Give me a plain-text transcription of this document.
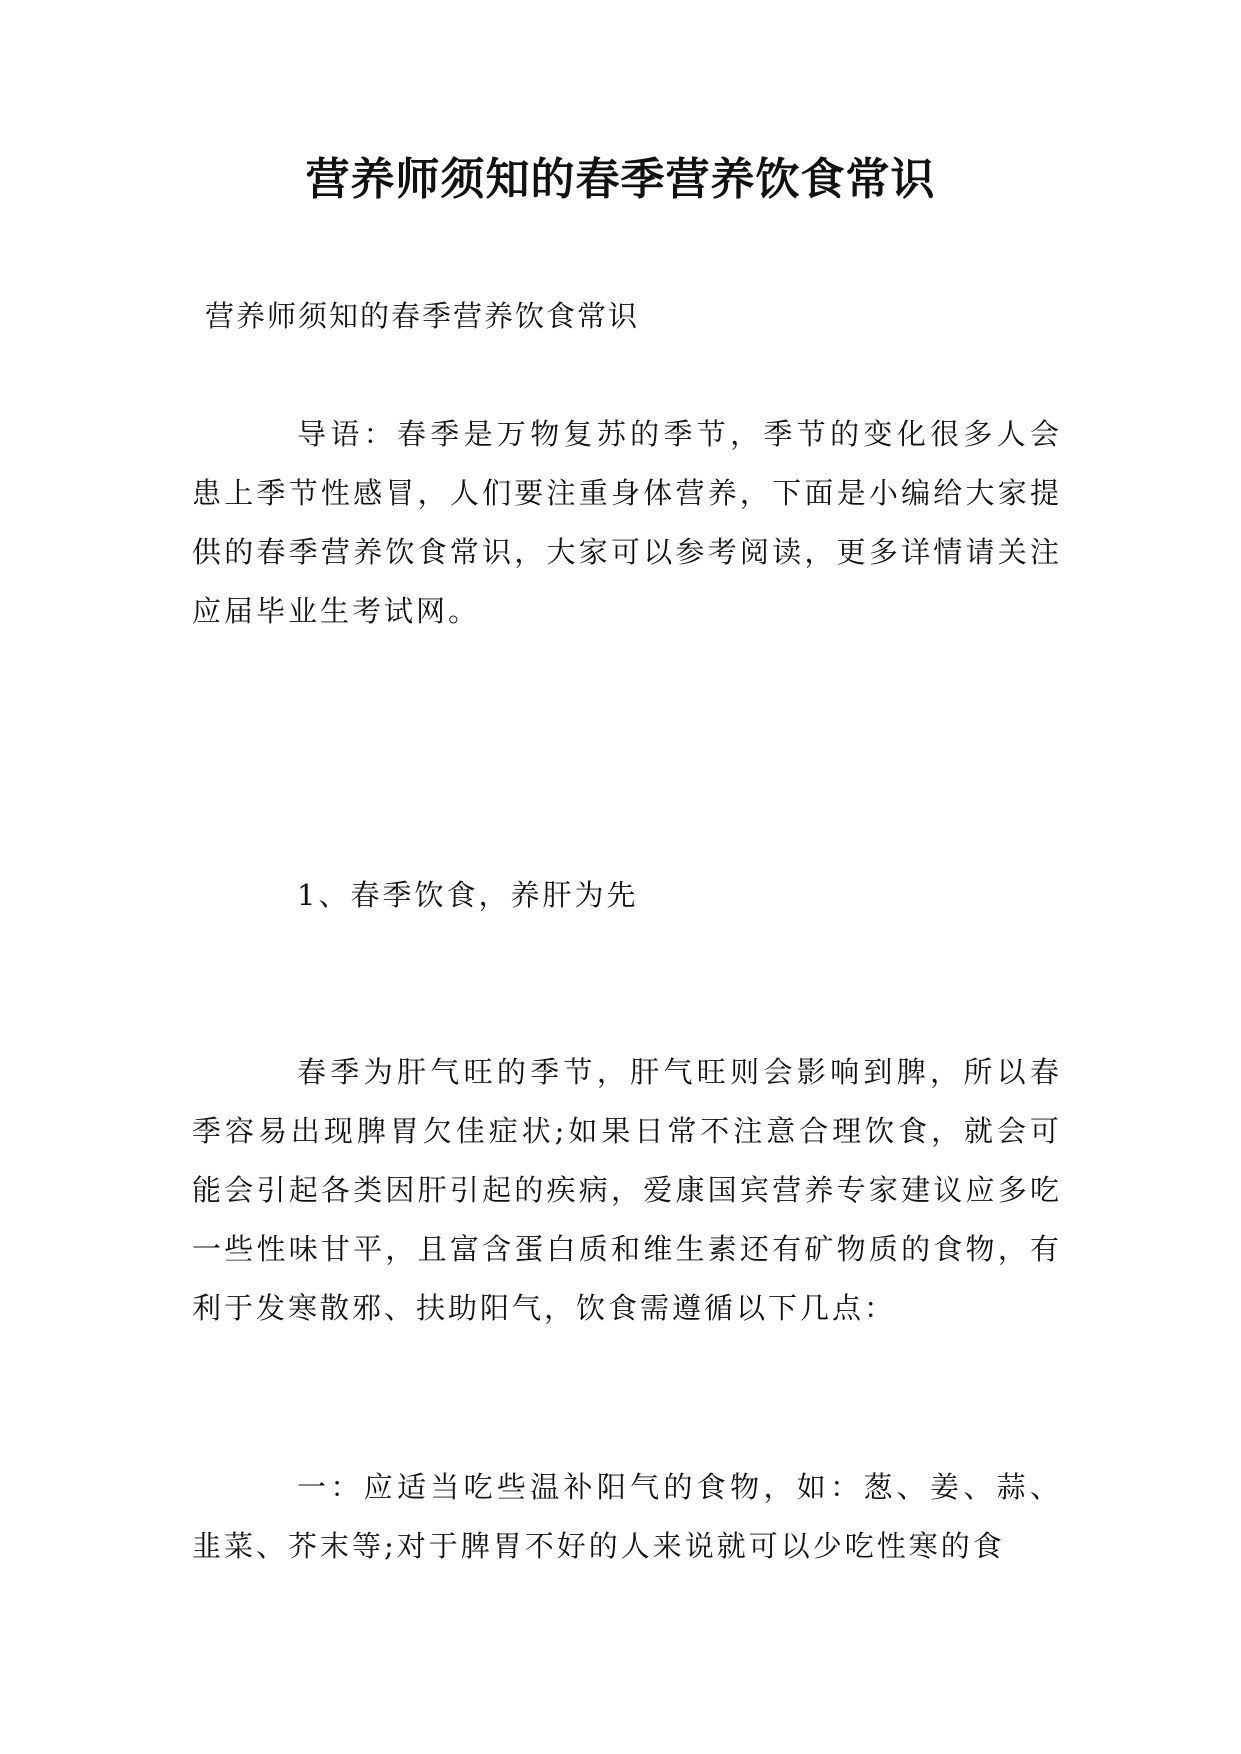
营养师须知的春季营养饮食常识
营养师须知的春季营养饮食常识

导语：春季是万物复苏的季节，季节的变化很多人会患上季节性感冒，人们要注重身体营养，下面是小编给大家提供的春季营养饮食常识，大家可以参考阅读，更多详情请关注应届毕业生考试网。

1、春季饮食，养肝为先

春季为肝气旺的季节，肝气旺则会影响到脾，所以春季容易出现脾胃欠佳症状;如果日常不注意合理饮食，就会可能会引起各类因肝引起的疾病，爱康国宾营养专家建议应多吃一些性味甘平，且富含蛋白质和维生素还有矿物质的食物，有利于发寒散邪、扶助阳气，饮食需遵循以下几点：

一：应适当吃些温补阳气的食物，如：葱、姜、蒜、韭菜、芥末等;对于脾胃不好的人来说就可以少吃性寒的食
